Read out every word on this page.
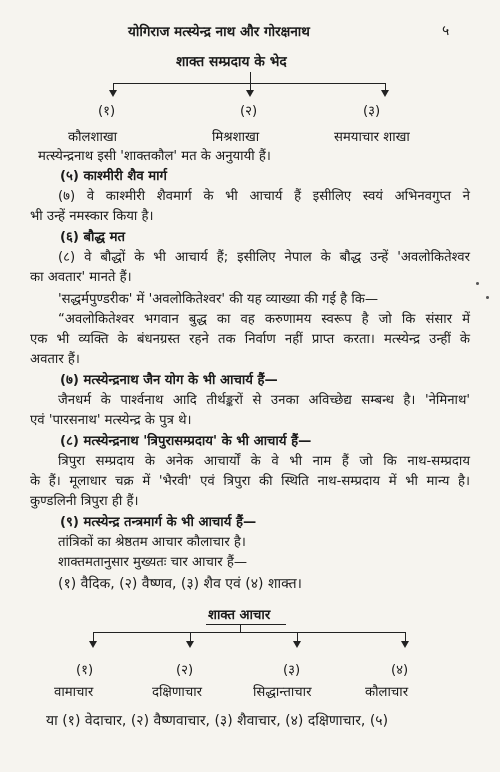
योगिराज मत्स्येन्द्र नाथ और गोरक्षनाथ	५
शाक्त सम्प्रदाय के भेद
(१)	(२)	(३)
कौलशाखा	मिश्रशाखा	समयाचार शाखा
मत्स्येन्द्रनाथ इसी 'शाक्तकौल' मत के अनुयायी हैं।
(५) काश्मीरी शैव मार्ग
(७) वे काश्मीरी शैवमार्ग के भी आचार्य हैं इसीलिए स्वयं अभिनवगुप्त ने
भी उन्हें नमस्कार किया है।
(६) बौद्ध मत
(८) वे बौद्धों के भी आचार्य हैं; इसीलिए नेपाल के बौद्ध उन्हें 'अवलोकितेश्वर
का अवतार' मानते हैं।
'सद्धर्मपुण्डरीक' में 'अवलोकितेश्वर' की यह व्याख्या की गई है कि—
“अवलोकितेश्वर भगवान बुद्ध का वह करुणामय स्वरूप है जो कि संसार में
एक भी व्यक्ति के बंधनग्रस्त रहने तक निर्वाण नहीं प्राप्त करता। मत्स्येन्द्र उन्हीं के
अवतार हैं।
(७) मत्स्येन्द्रनाथ जैन योग के भी आचार्य हैं—
जैनधर्म के पार्श्वनाथ आदि तीर्थङ्करों से उनका अविच्छेद्य सम्बन्ध है। 'नेमिनाथ'
एवं 'पारसनाथ' मत्स्येन्द्र के पुत्र थे।
(८) मत्स्येन्द्रनाथ 'त्रिपुरासम्प्रदाय' के भी आचार्य हैं—
त्रिपुरा सम्प्रदाय के अनेक आचार्यों के वे भी नाम हैं जो कि नाथ-सम्प्रदाय
के हैं। मूलाधार चक्र में 'भैरवी' एवं त्रिपुरा की स्थिति नाथ-सम्प्रदाय में भी मान्य है।
कुण्डलिनी त्रिपुरा ही हैं।
(९) मत्स्येन्द्र तन्त्रमार्ग के भी आचार्य हैं—
तांत्रिकों का श्रेष्ठतम आचार कौलाचार है।
शाक्तमतानुसार मुख्यतः चार आचार हैं—
(१) वैदिक, (२) वैष्णव, (३) शैव एवं (४) शाक्त।
शाक्त आचार
(१)	(२)	(३)	(४)
वामाचार	दक्षिणाचार	सिद्धान्ताचार	कौलाचार
या (१) वेदाचार, (२) वैष्णवाचार, (३) शैवाचार, (४) दक्षिणाचार, (५)
